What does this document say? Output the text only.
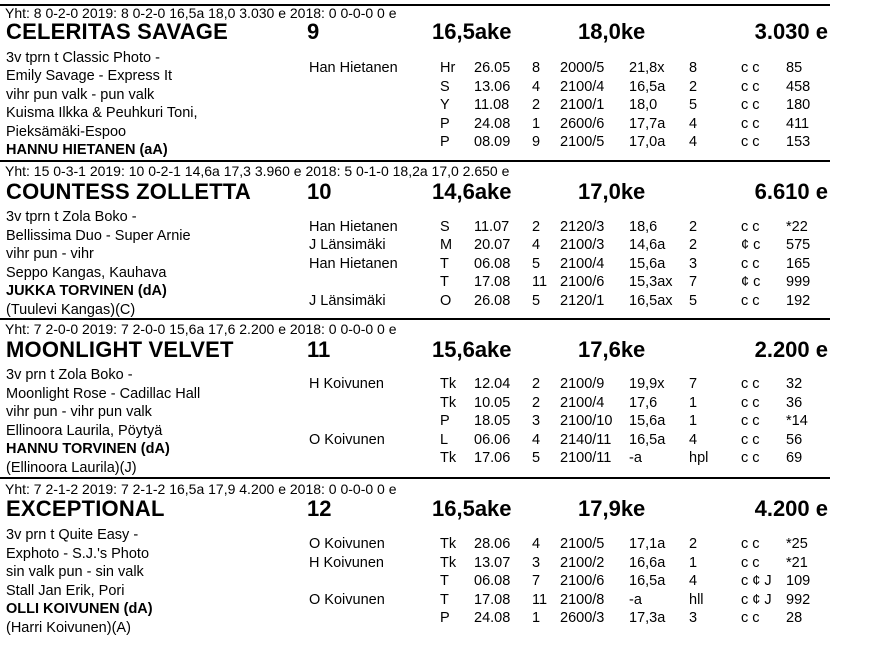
Yht: 8 0-2-0 2019: 8 0-2-0 16,5a 18,0 3.030 e 2018: 0 0-0-0 0 e
CELERITAS SAVAGE	9	16,5ake	18,0ke	3.030 e
3v tprn t Classic Photo -
Emily Savage - Express It
vihr pun valk - pun valk
Kuisma Ilkka & Peuhkuri Toni,
Pieksämäki-Espoo
HANNU HIETANEN (aA)
Han Hietanen	Hr 26.05 8 2000/5 21,8x 8	c c 85
S 13.06 4 2100/4 16,5a 2	c c 458
Y 11.08 2 2100/1 18,0 5	c c 180
P 24.08 1 2600/6 17,7a 4	c c 411
P 08.09 9 2100/5 17,0a 4	c c 153
Yht: 15 0-3-1 2019: 10 0-2-1 14,6a 17,3 3.960 e 2018: 5 0-1-0 18,2a 17,0 2.650 e
COUNTESS ZOLLETTA	10	14,6ake	17,0ke	6.610 e
3v tprn t Zola Boko -
Bellissima Duo - Super Arnie
vihr pun - vihr
Seppo Kangas, Kauhava
JUKKA TORVINEN (dA)
(Tuulevi Kangas)(C)
Han Hietanen	S 11.07 2 2120/3 18,6 2	c c *22
J Länsimäki	M 20.07 4 2100/3 14,6a 2	¢ c 575
Han Hietanen	T 06.08 5 2100/4 15,6a 3	c c 165
T 17.08 11 2100/6 15,3ax 7	¢ c 999
J Länsimäki	O 26.08 5 2120/1 16,5ax 5	c c 192
Yht: 7 2-0-0 2019: 7 2-0-0 15,6a 17,6 2.200 e 2018: 0 0-0-0 0 e
MOONLIGHT VELVET	11	15,6ake	17,6ke	2.200 e
3v prn t Zola Boko -
Moonlight Rose - Cadillac Hall
vihr pun - vihr pun valk
Ellinoora Laurila, Pöytyä
HANNU TORVINEN (dA)
(Ellinoora Laurila)(J)
H Koivunen	Tk 12.04 2 2100/9 19,9x 7	c c 32
Tk 10.05 2 2100/4 17,6 1	c c 36
P 18.05 3 2100/10 15,6a 1	c c *14
O Koivunen	L 06.06 4 2140/11 16,5a 4	c c 56
Tk 17.06 5 2100/11 -a	hpl c c 69
Yht: 7 2-1-2 2019: 7 2-1-2 16,5a 17,9 4.200 e 2018: 0 0-0-0 0 e
EXCEPTIONAL	12	16,5ake	17,9ke	4.200 e
3v prn t Quite Easy -
Exphoto - S.J.'s Photo
sin valk pun - sin valk
Stall Jan Erik, Pori
OLLI KOIVUNEN (dA)
(Harri Koivunen)(A)
O Koivunen	Tk 28.06 4 2100/5 17,1a 2	c c *25
H Koivunen	Tk 13.07 3 2100/2 16,6a 1	c c *21
T 06.08 7 2100/6 16,5a 4	c ¢ J 109
O Koivunen	T 17.08 11 2100/8 -a	hll	c ¢ J 992
P 24.08 1 2600/3 17,3a 3	c c 28
